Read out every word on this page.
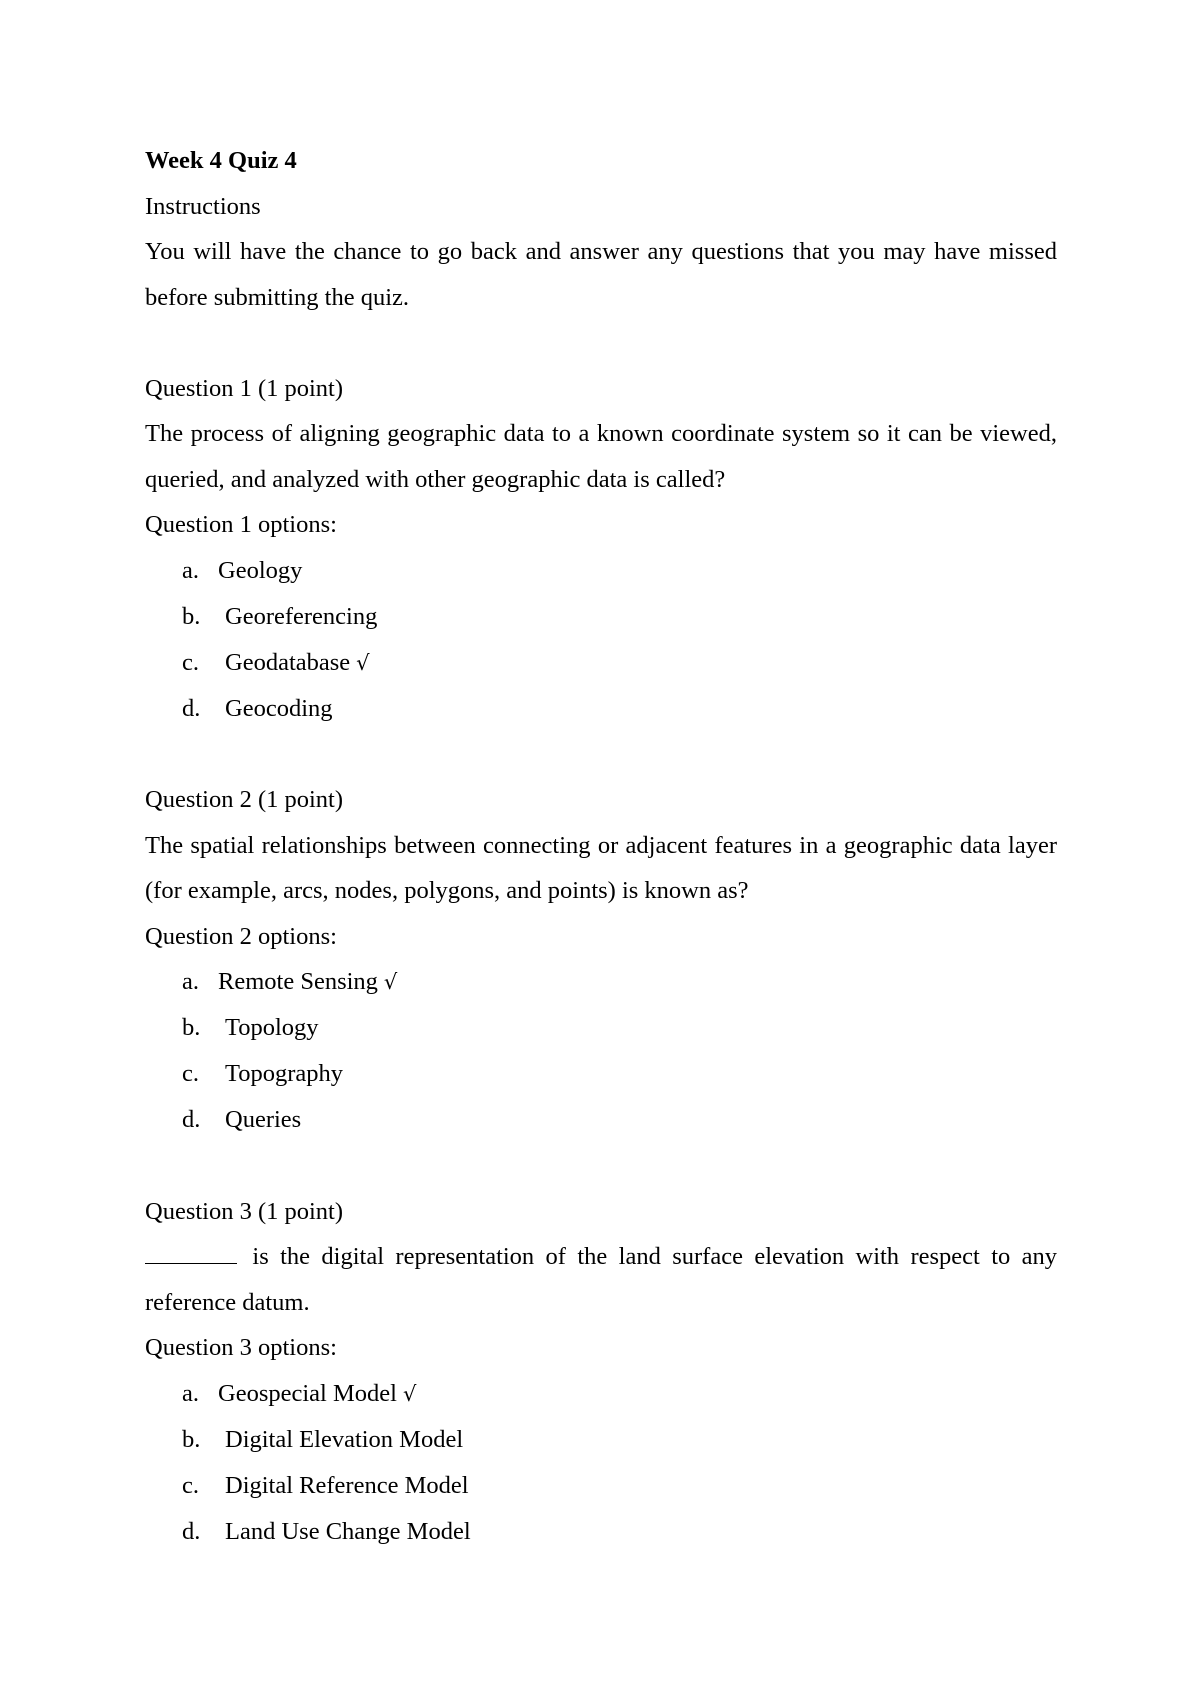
Week 4 Quiz 4
Instructions
You will have the chance to go back and answer any questions that you may have missed before submitting the quiz.
Question 1 (1 point)
The process of aligning geographic data to a known coordinate system so it can be viewed, queried, and analyzed with other geographic data is called?
Question 1 options:
a. Geology
b. Georeferencing
c. Geodatabase √
d. Geocoding
Question 2 (1 point)
The spatial relationships between connecting or adjacent features in a geographic data layer (for example, arcs, nodes, polygons, and points) is known as?
Question 2 options:
a. Remote Sensing √
b. Topology
c. Topography
d. Queries
Question 3 (1 point)
is the digital representation of the land surface elevation with respect to any reference datum.
Question 3 options:
a. Geospecial Model √
b. Digital Elevation Model
c. Digital Reference Model
d. Land Use Change Model
